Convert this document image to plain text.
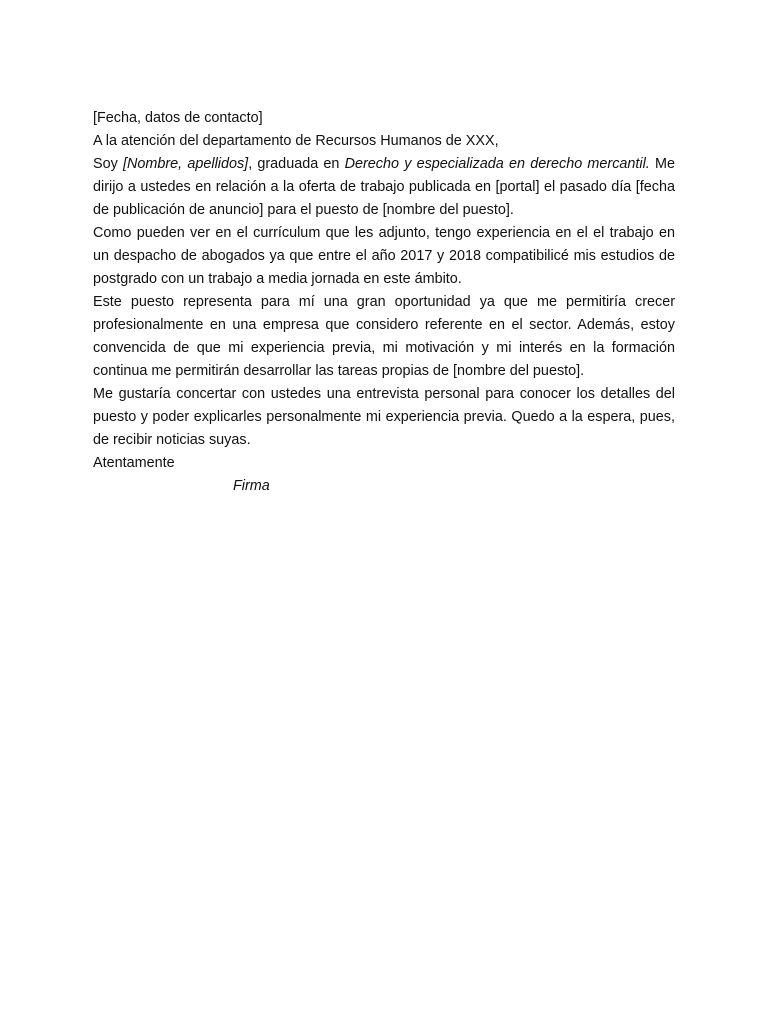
[Fecha, datos de contacto]

A la atención del departamento de Recursos Humanos de XXX,

Soy [Nombre, apellidos], graduada en Derecho y especializada en derecho mercantil. Me dirijo a ustedes en relación a la oferta de trabajo publicada en [portal] el pasado día [fecha de publicación de anuncio] para el puesto de [nombre del puesto].

Como pueden ver en el currículum que les adjunto, tengo experiencia en el el trabajo en un despacho de abogados ya que entre el año 2017 y 2018 compatibilicé mis estudios de postgrado con un trabajo a media jornada en este ámbito.

Este puesto representa para mí una gran oportunidad ya que me permitiría crecer profesionalmente en una empresa que considero referente en el sector. Además, estoy convencida de que mi experiencia previa, mi motivación y mi interés en la formación continua me permitirán desarrollar las tareas propias de [nombre del puesto].

Me gustaría concertar con ustedes una entrevista personal para conocer los detalles del puesto y poder explicarles personalmente mi experiencia previa. Quedo a la espera, pues, de recibir noticias suyas.

Atentamente

Firma
